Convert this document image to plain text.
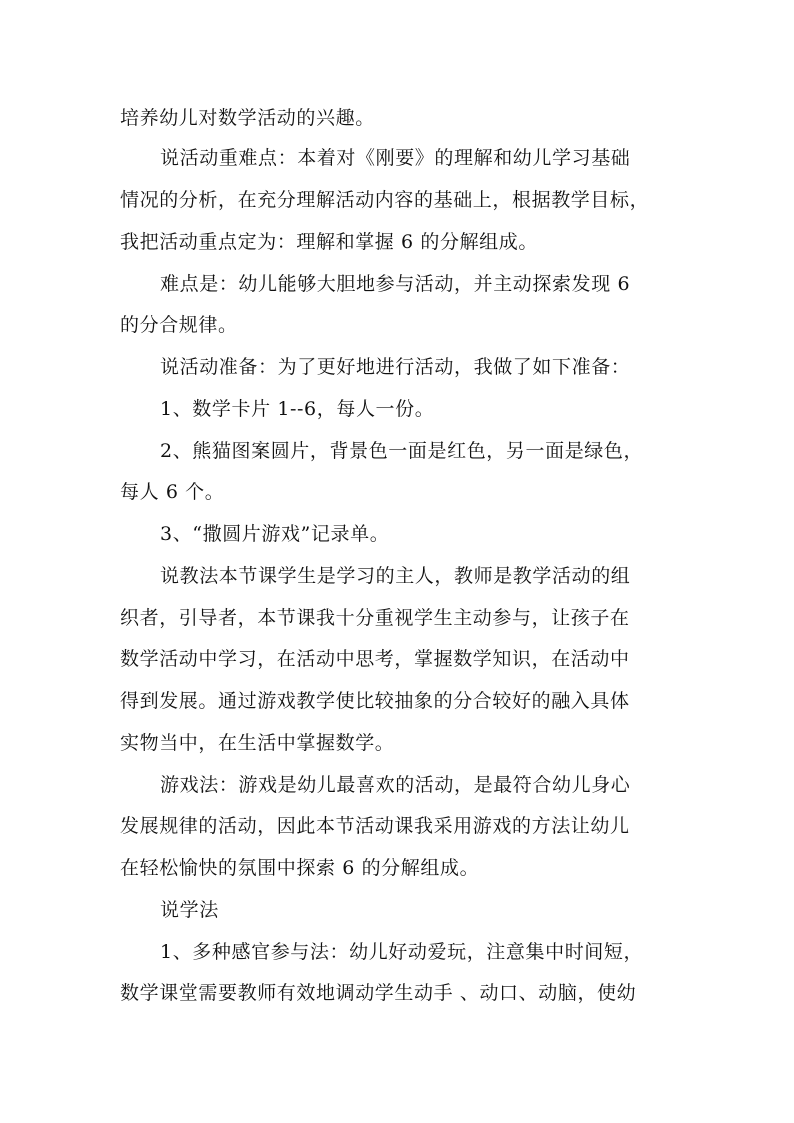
培养幼儿对数学活动的兴趣。
说活动重难点：本着对《刚要》的理解和幼儿学习基础
情况的分析，在充分理解活动内容的基础上，根据教学目标，
我把活动重点定为：理解和掌握 6 的分解组成。
难点是：幼儿能够大胆地参与活动，并主动探索发现 6
的分合规律。
说活动准备：为了更好地进行活动，我做了如下准备：
1、数学卡片 1--6，每人一份。
2、熊猫图案圆片，背景色一面是红色，另一面是绿色，
每人 6 个。
3、“撒圆片游戏”记录单。
说教法本节课学生是学习的主人，教师是教学活动的组
织者，引导者，本节课我十分重视学生主动参与，让孩子在
数学活动中学习，在活动中思考，掌握数学知识，在活动中
得到发展。通过游戏教学使比较抽象的分合较好的融入具体
实物当中，在生活中掌握数学。
游戏法：游戏是幼儿最喜欢的活动，是最符合幼儿身心
发展规律的活动，因此本节活动课我采用游戏的方法让幼儿
在轻松愉快的氛围中探索 6 的分解组成。
说学法
1、多种感官参与法：幼儿好动爱玩，注意集中时间短，
数学课堂需要教师有效地调动学生动手 、动口、动脑，使幼
